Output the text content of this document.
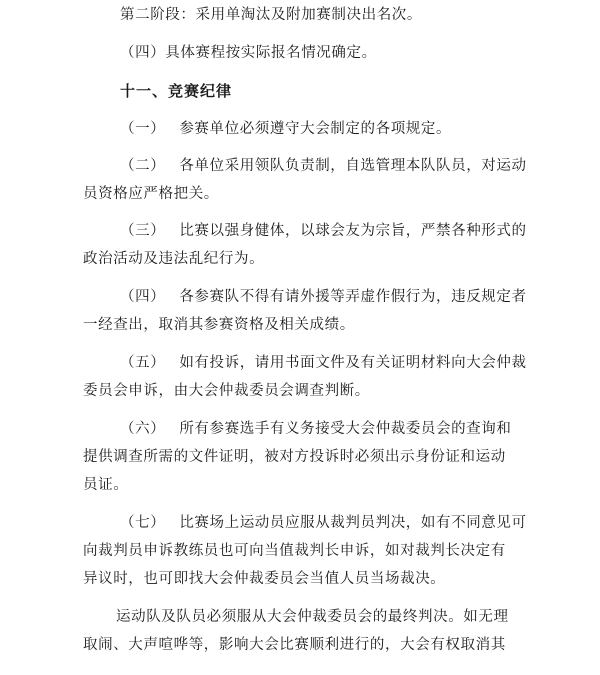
第二阶段：采用单淘汰及附加赛制决出名次。
（四）具体赛程按实际报名情况确定。
十一、竞赛纪律
（一） 参赛单位必须遵守大会制定的各项规定。
（二） 各单位采用领队负责制，自选管理本队队员，对运动
员资格应严格把关。
（三） 比赛以强身健体，以球会友为宗旨，严禁各种形式的
政治活动及违法乱纪行为。
（四） 各参赛队不得有请外援等弄虚作假行为，违反规定者
一经查出，取消其参赛资格及相关成绩。
（五） 如有投诉，请用书面文件及有关证明材料向大会仲裁
委员会申诉，由大会仲裁委员会调查判断。
（六） 所有参赛选手有义务接受大会仲裁委员会的查询和
提供调查所需的文件证明，被对方投诉时必须出示身份证和运动
员证。
（七） 比赛场上运动员应服从裁判员判决，如有不同意见可
向裁判员申诉教练员也可向当值裁判长申诉，如对裁判长决定有
异议时，也可即找大会仲裁委员会当值人员当场裁决。
运动队及队员必须服从大会仲裁委员会的最终判决。如无理
取闹、大声喧哗等，影响大会比赛顺利进行的，大会有权取消其
